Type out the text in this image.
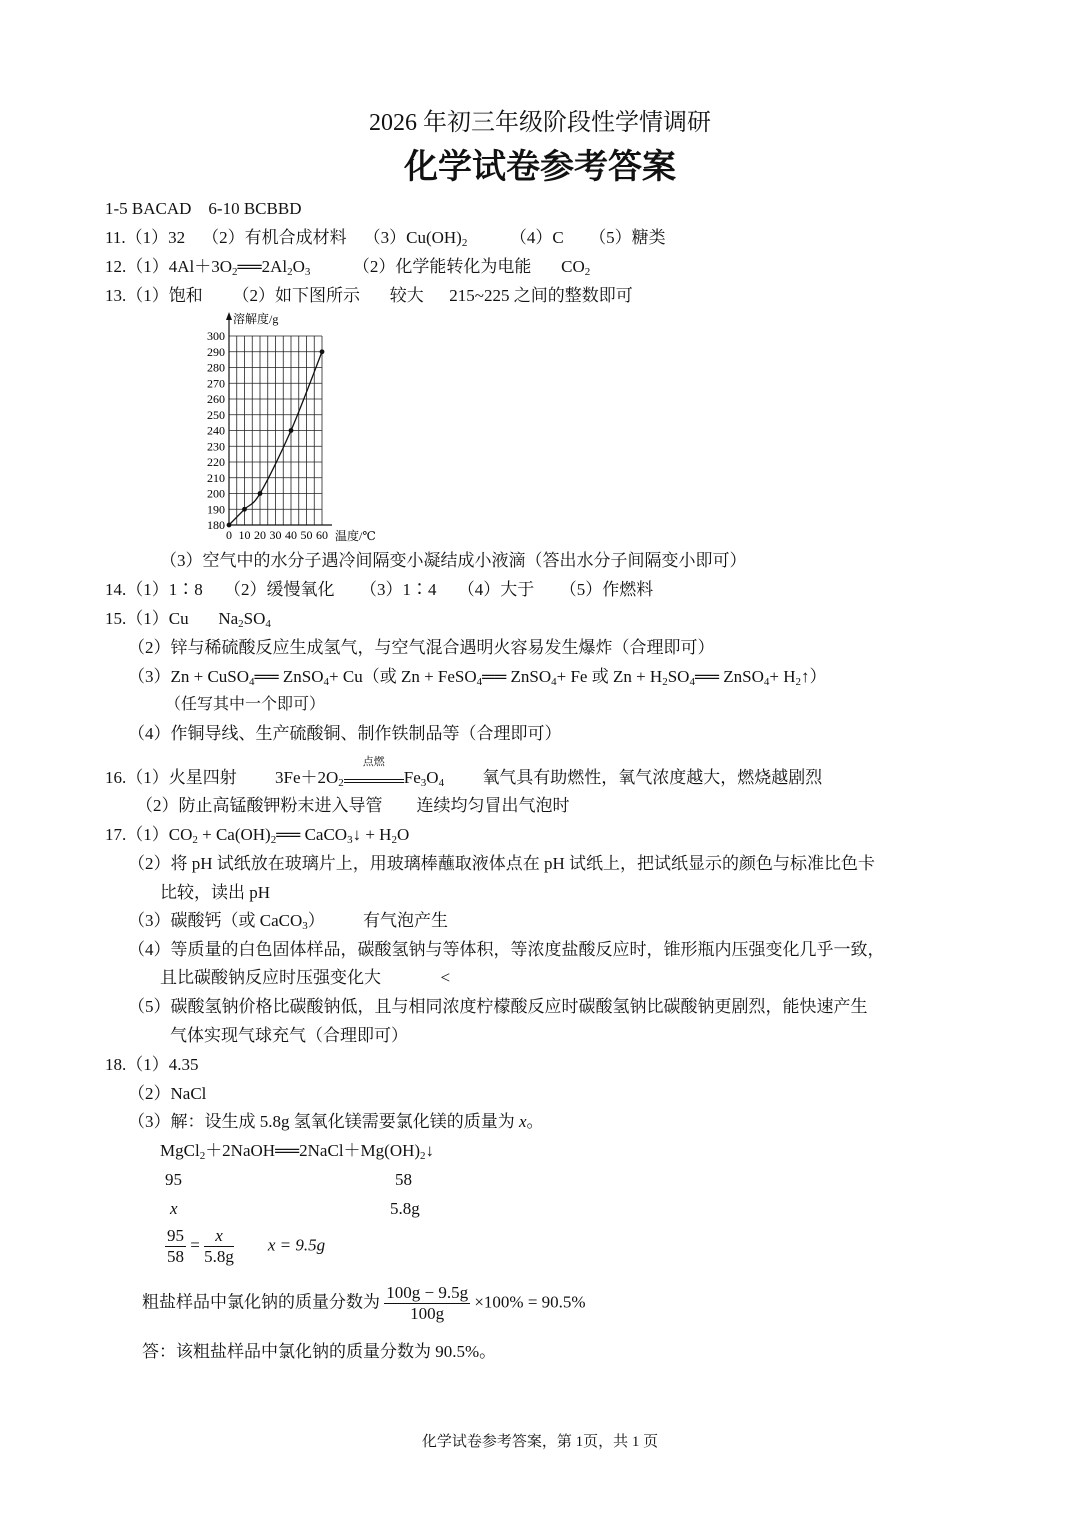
2026 年初三年级阶段性学情调研
化学试卷参考答案
1-5 BACAD 6-10 BCBBD
11.（1）32 （2）有机合成材料 $(3)Cu(OH)_2$	（4）C （5）糖类
$12.(1)4Al+3O_2══2Al_2O_3$	（2）化学能转化为电能 $CO_2$
13.（1）饱和 （2）如下图所示 较大 215~225 之间的整数即可
180
190
200
210
220
230
240
250
260
270
280
290
300
0 10 20 30 40 50 60
溶解度/g
温度/℃
（3）空气中的水分子遇冷间隔变小凝结成小液滴（答出水分子间隔变小即可）
14.（1）1∶8 （2）缓慢氧化 （3）1∶4 （4）大于 （5）作燃料
15.（1）Cu $Na_2SO_4$
（2）锌与稀硫酸反应生成氢气，与空气混合遇明火容易发生爆炸（合理即可）
（3）Zn + CuSO$_4$══ ZnSO$_4$+ Cu（或 Zn + FeSO$_4$══ ZnSO$_4$+ Fe 或 $Zn + H_2SO_4══$ ZnSO$_4$+ $H_2↑$）
（任写其中一个即可）
（4）作铜导线、生产硫酸铜、制作铁制品等（合理即可）
16.（1）火星四射 $3Fe+2O_2$
点燃
$Fe_3O_4$ 氧气具有助燃性，氧气浓度越大，燃烧越剧烈
（2）防止高锰酸钾粉末进入导管 连续均匀冒出气泡时
$17.(1)CO_2$ + $Ca(OH)_2══$ CaCO$_3$↓ + $H_2O$
（2）将 pH 试纸放在玻璃片上，用玻璃棒蘸取液体点在 pH 试纸上，把试纸显示的颜色与标准比色卡
比较，读出 pH
（3）碳酸钙（或 CaCO$_3$） 有气泡产生
（4）等质量的白色固体样品，碳酸氢钠与等体积，等浓度盐酸反应时，锥形瓶内压强变化几乎一致，
且比碳酸钠反应时压强变化大	<
（5）碳酸氢钠价格比碳酸钠低，且与相同浓度柠檬酸反应时碳酸氢钠比碳酸钠更剧烈，能快速产生
气体实现气球充气（合理即可）
18.（1）4.35
（2）NaCl
（3）解：设生成 5.8g 氢氧化镁需要氯化镁的质量为 x。
$MgCl_2+2NaOH══2NaCl+Mg(OH)_2↓$
95	58
x	5.8g
$\frac{95}{58} = \frac{x}{5.8g}$ x = 9.5g
粗盐样品中氯化钠的质量分数为 $\frac{100g - 9.5g}{100g} \times 100\% = 90.5\%$
答：该粗盐样品中氯化钠的质量分数为 90.5%。
化学试卷参考答案，第 1页，共 1 页
